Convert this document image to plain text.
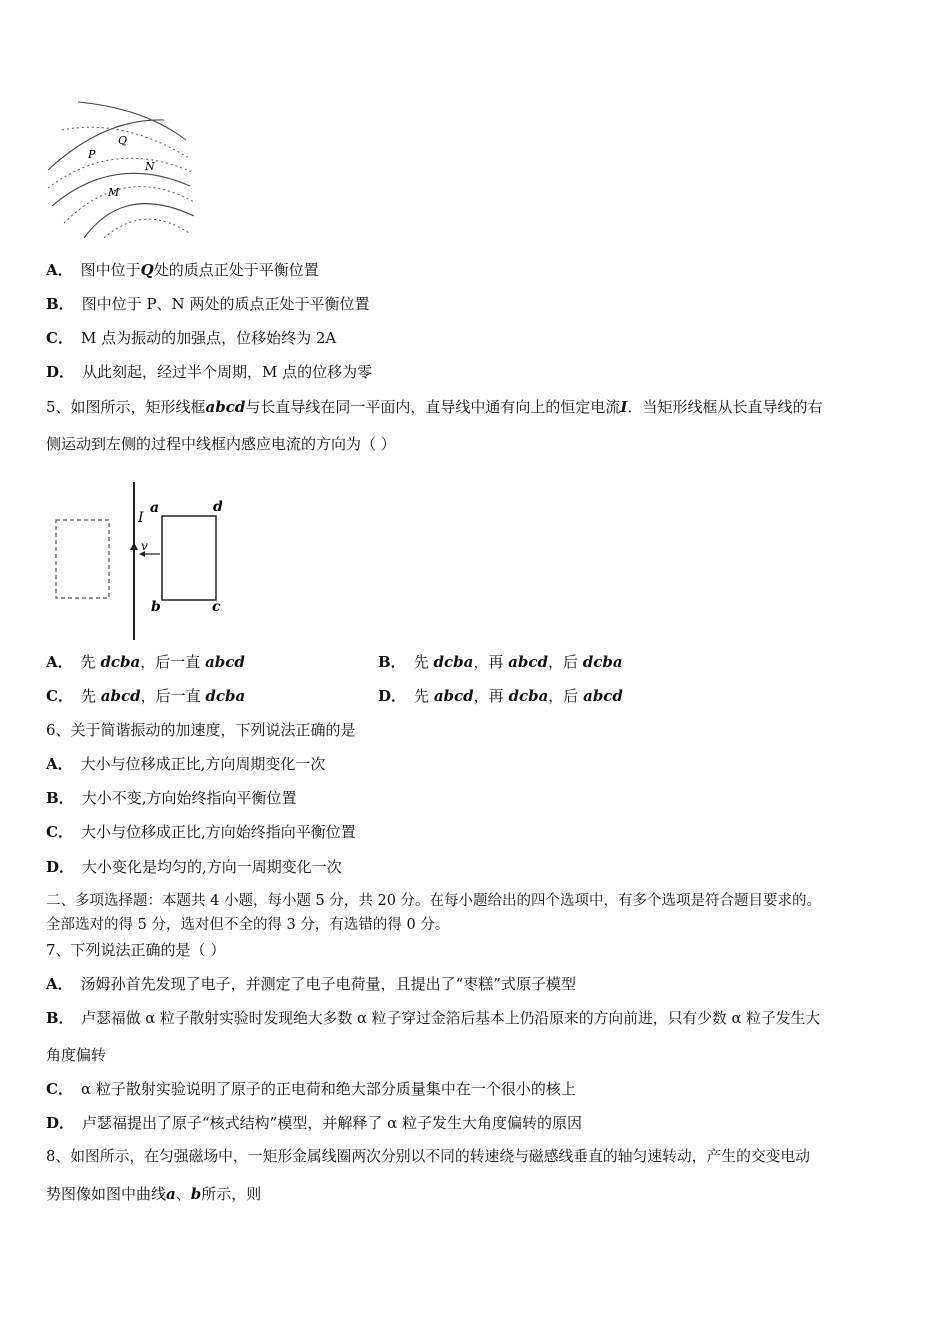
Q
P
N
M
A． 图中位于Q处的质点正处于平衡位置
B． 图中位于 P、N 两处的质点正处于平衡位置
C． M 点为振动的加强点，位移始终为 2A
D． 从此刻起，经过半个周期，M 点的位移为零
5、如图所示，矩形线框abcd与长直导线在同一平面内，直导线中通有向上的恒定电流I．当矩形线框从长直导线的右
侧运动到左侧的过程中线框内感应电流的方向为（ ）
I
v
a	d
b	c
A． 先 dcba，后一直 abcd	B． 先 dcba，再 abcd，后 dcba
C． 先 abcd，后一直 dcba	D． 先 abcd，再 dcba，后 abcd
6、关于简谐振动的加速度，下列说法正确的是
A． 大小与位移成正比,方向周期变化一次
B． 大小不变,方向始终指向平衡位置
C． 大小与位移成正比,方向始终指向平衡位置
D． 大小变化是均匀的,方向一周期变化一次
二、多项选择题：本题共 4 小题，每小题 5 分，共 20 分。在每小题给出的四个选项中，有多个选项是符合题目要求的。
全部选对的得 5 分，选对但不全的得 3 分，有选错的得 0 分。
7、下列说法正确的是（ ）
A． 汤姆孙首先发现了电子，并测定了电子电荷量，且提出了“枣糕”式原子模型
B． 卢瑟福做 α 粒子散射实验时发现绝大多数 α 粒子穿过金箔后基本上仍沿原来的方向前进，只有少数 α 粒子发生大
角度偏转
C． α 粒子散射实验说明了原子的正电荷和绝大部分质量集中在一个很小的核上
D． 卢瑟福提出了原子“核式结构”模型，并解释了 α 粒子发生大角度偏转的原因
8、如图所示，在匀强磁场中，一矩形金属线圈两次分别以不同的转速绕与磁感线垂直的轴匀速转动，产生的交变电动
势图像如图中曲线a、b所示，则
